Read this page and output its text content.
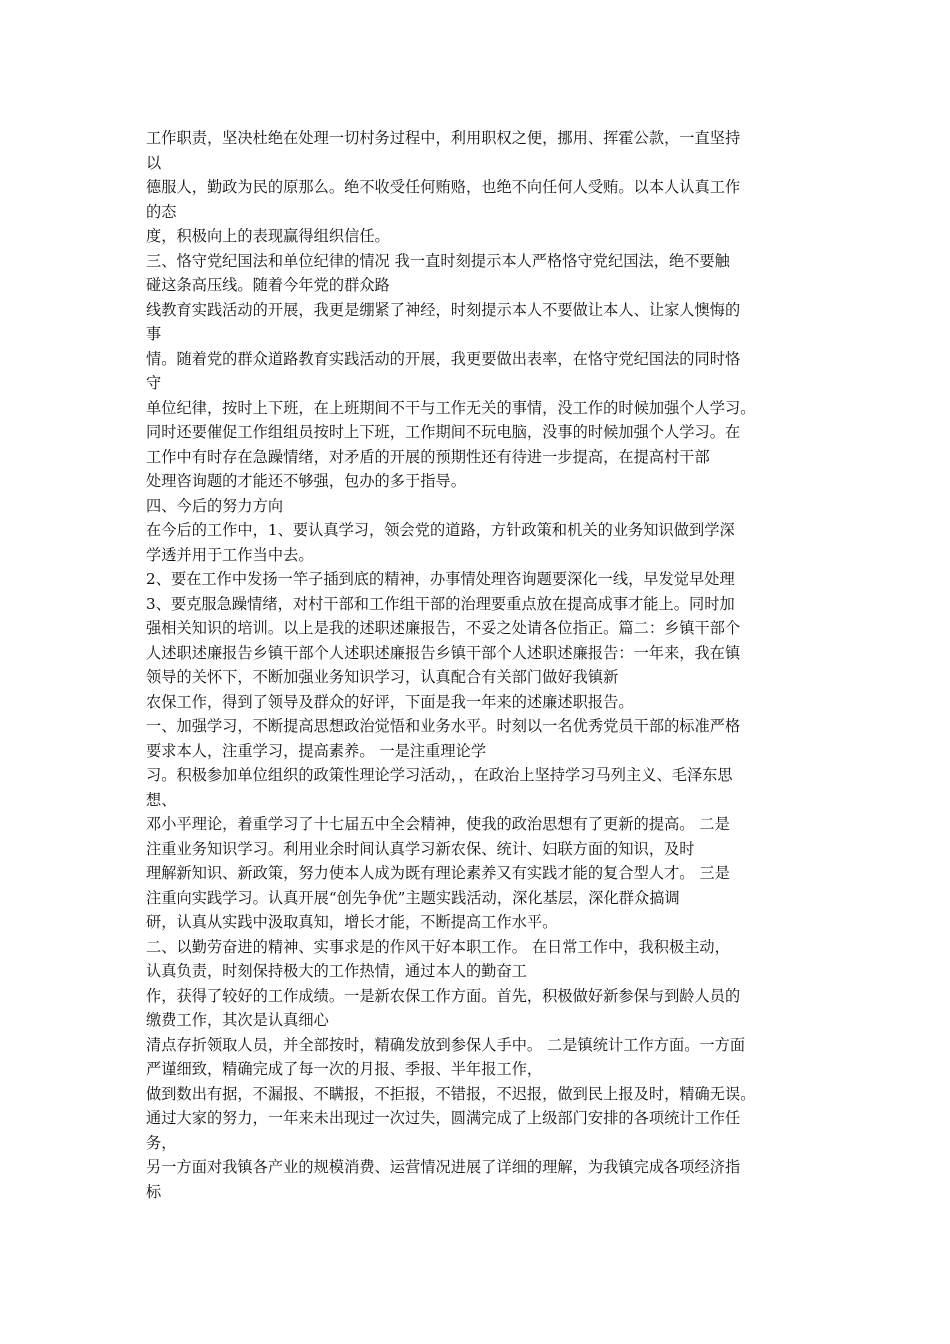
工作职责，坚决杜绝在处理一切村务过程中，利用职权之便，挪用、挥霍公款，一直坚持
以
德服人，勤政为民的原那么。绝不收受任何贿赂，也绝不向任何人受贿。以本人认真工作
的态
度，积极向上的表现赢得组织信任。
三、恪守党纪国法和单位纪律的情况 我一直时刻提示本人严格恪守党纪国法，绝不要触
碰这条高压线。随着今年党的群众路
线教育实践活动的开展，我更是绷紧了神经，时刻提示本人不要做让本人、让家人懊悔的
事
情。随着党的群众道路教育实践活动的开展，我更要做出表率，在恪守党纪国法的同时恪
守
单位纪律，按时上下班，在上班期间不干与工作无关的事情，没工作的时候加强个人学习。
同时还要催促工作组组员按时上下班，工作期间不玩电脑，没事的时候加强个人学习。在
工作中有时存在急躁情绪，对矛盾的开展的预期性还有待进一步提高，在提高村干部
处理咨询题的才能还不够强，包办的多于指导。
四、今后的努力方向
在今后的工作中，1、要认真学习，领会党的道路，方针政策和机关的业务知识做到学深
学透并用于工作当中去。
2、要在工作中发扬一竿子插到底的精神，办事情处理咨询题要深化一线，早发觉早处理
3、要克服急躁情绪，对村干部和工作组干部的治理要重点放在提高成事才能上。同时加
强相关知识的培训。以上是我的述职述廉报告，不妥之处请各位指正。篇二：乡镇干部个
人述职述廉报告乡镇干部个人述职述廉报告乡镇干部个人述职述廉报告：一年来，我在镇
领导的关怀下，不断加强业务知识学习，认真配合有关部门做好我镇新
农保工作，得到了领导及群众的好评，下面是我一年来的述廉述职报告。
一、加强学习，不断提高思想政治觉悟和业务水平。时刻以一名优秀党员干部的标准严格
要求本人，注重学习，提高素养。 一是注重理论学
习。积极参加单位组织的政策性理论学习活动，，在政治上坚持学习马列主义、毛泽东思
想、
邓小平理论，着重学习了十七届五中全会精神，使我的政治思想有了更新的提高。 二是
注重业务知识学习。利用业余时间认真学习新农保、统计、妇联方面的知识，及时
理解新知识、新政策，努力使本人成为既有理论素养又有实践才能的复合型人才。 三是
注重向实践学习。认真开展“创先争优”主题实践活动，深化基层，深化群众搞调
研，认真从实践中汲取真知，增长才能，不断提高工作水平。
二、以勤劳奋进的精神、实事求是的作风干好本职工作。 在日常工作中，我积极主动，
认真负责，时刻保持极大的工作热情，通过本人的勤奋工
作，获得了较好的工作成绩。一是新农保工作方面。首先，积极做好新参保与到龄人员的
缴费工作，其次是认真细心
清点存折领取人员，并全部按时，精确发放到参保人手中。 二是镇统计工作方面。一方面
严谨细致，精确完成了每一次的月报、季报、半年报工作，
做到数出有据，不漏报、不瞒报，不拒报，不错报，不迟报，做到民上报及时，精确无误。
通过大家的努力，一年来未出现过一次过失，圆满完成了上级部门安排的各项统计工作任
务，
另一方面对我镇各产业的规模消费、运营情况进展了详细的理解，为我镇完成各项经济指
标
